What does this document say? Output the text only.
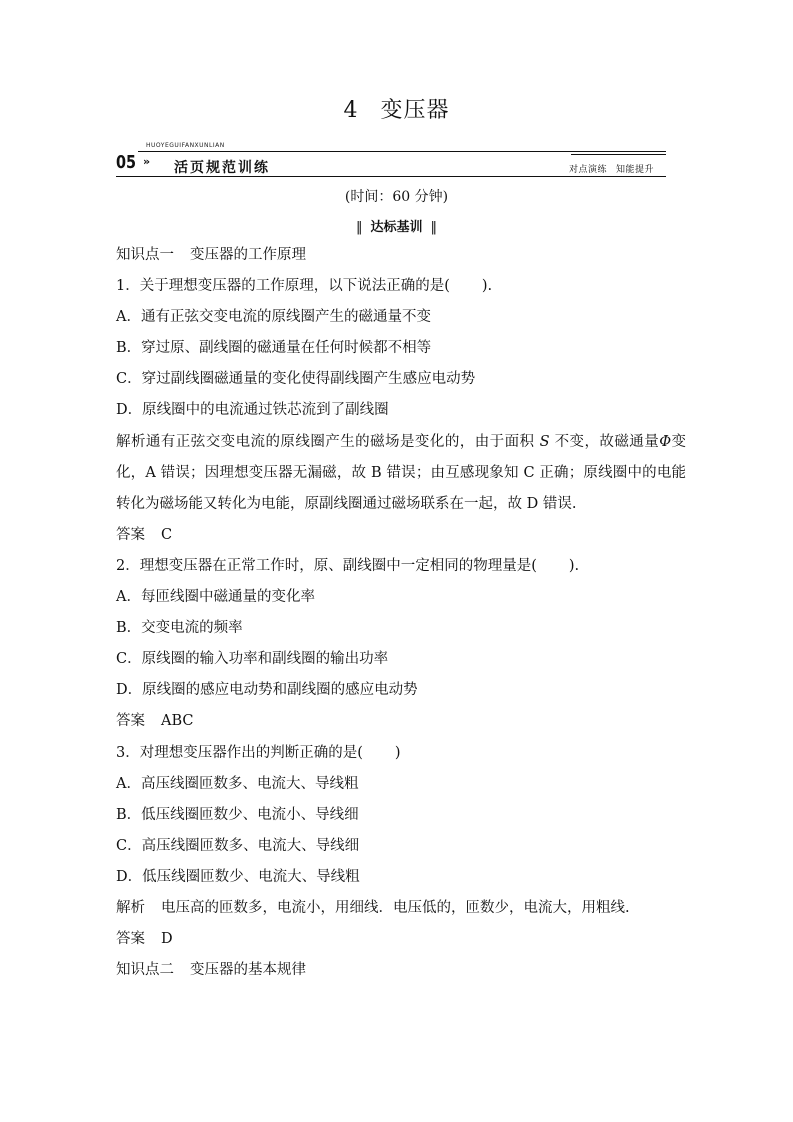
4 变压器
05
HUOYEGUIFANXUNLIAN
» 活页规范训练	对点演练 知能提升
(时间：60 分钟)
‖ 达标基训 ‖
知识点一 变压器的工作原理
1．关于理想变压器的工作原理，以下说法正确的是( ).
A．通有正弦交变电流的原线圈产生的磁通量不变
B．穿过原、副线圈的磁通量在任何时候都不相等
C．穿过副线圈磁通量的变化使得副线圈产生感应电动势
D．原线圈中的电流通过铁芯流到了副线圈
解析通有正弦交变电流的原线圈产生的磁场是变化的，由于面积 S 不变，故磁通量Φ变化，A 错误；因理想变压器无漏磁，故 B 错误；由互感现象知 C 正确；原线圈中的电能转化为磁场能又转化为电能，原副线圈通过磁场联系在一起，故 D 错误.
答案 C
2．理想变压器在正常工作时，原、副线圈中一定相同的物理量是( ).
A．每匝线圈中磁通量的变化率
B．交变电流的频率
C．原线圈的输入功率和副线圈的输出功率
D．原线圈的感应电动势和副线圈的感应电动势
答案 ABC
3．对理想变压器作出的判断正确的是( )
A．高压线圈匝数多、电流大、导线粗
B．低压线圈匝数少、电流小、导线细
C．高压线圈匝数多、电流大、导线细
D．低压线圈匝数少、电流大、导线粗
解析 电压高的匝数多，电流小，用细线．电压低的，匝数少，电流大，用粗线.
答案 D
知识点二 变压器的基本规律
